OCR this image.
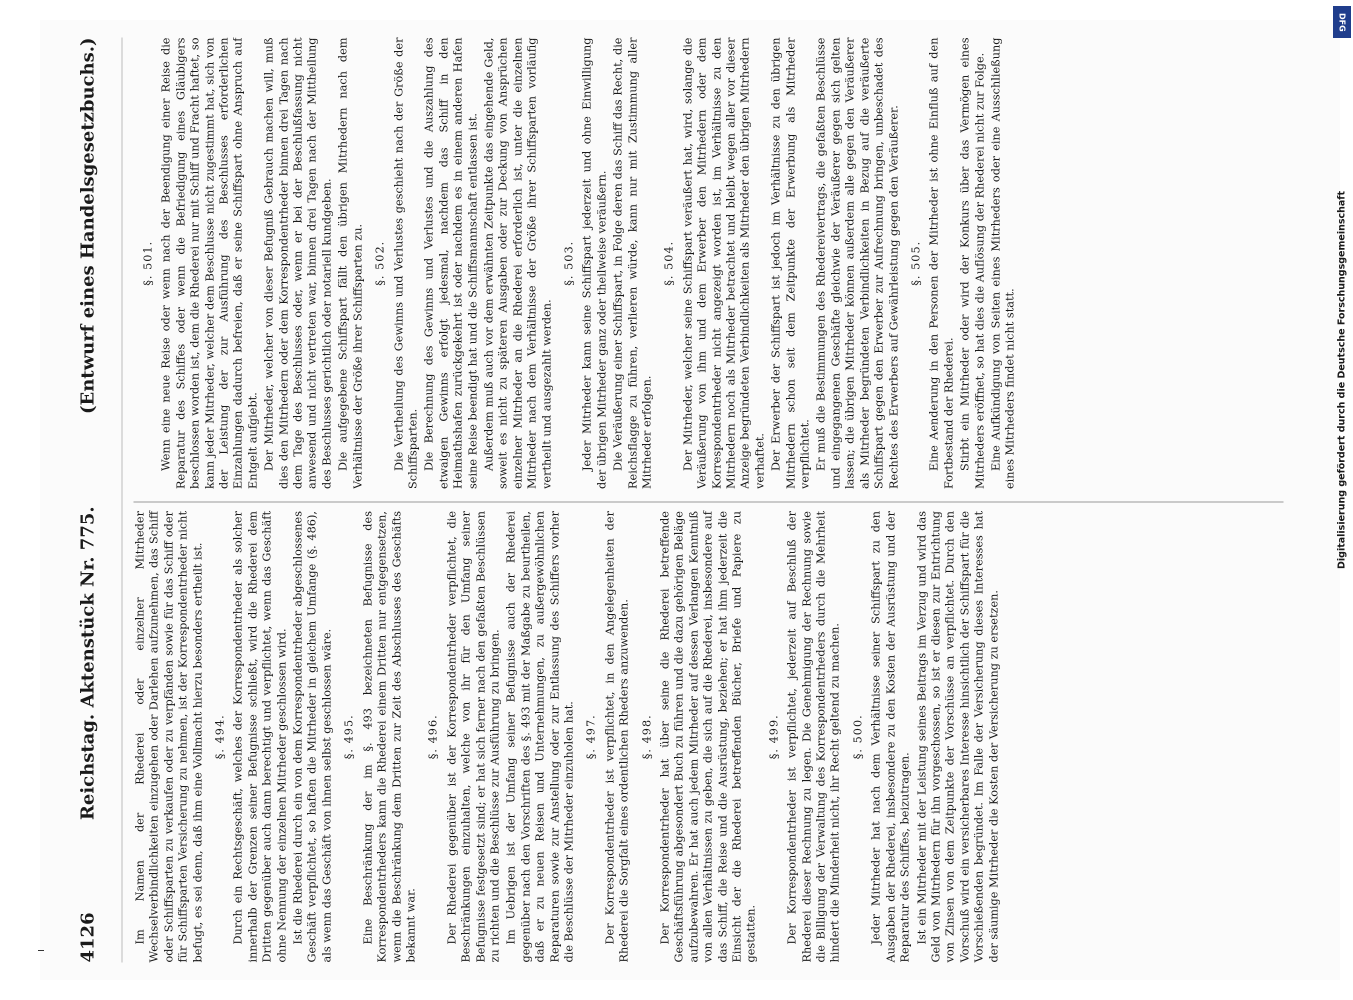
4126
Reichstag. Aktenstück Nr. 775.
(Entwurf eines Handelsgesetzbuchs.)
Im Namen der Rhederei oder einzelner Mitrheder Wechselverbindlichkeiten einzugehen oder Darlehen aufzunehmen, das Schiff oder Schiffsparten zu verkaufen oder zu verpfänden sowie für das Schiff oder für Schiffsparten Versicherung zu nehmen, ist der Korrespondentrheder nicht befugt, es sei denn, daß ihm eine Vollmacht hierzu besonders ertheilt ist. §. 494. Durch ein Rechtsgeschäft, welches der Korrespondentrheder als solcher innerhalb der Grenzen seiner Befugnisse schließt, wird die Rhederei dem Dritten gegenüber auch dann berechtigt und verpflichtet, wenn das Geschäft ohne Nennung der einzelnen Mitrheder geschlossen wird. Ist die Rhederei durch ein von dem Korrespondentrheder abgeschlossenes Geschäft verpflichtet, so haften die Mitrheder in gleichem Umfange (§. 486), als wenn das Geschäft von ihnen selbst geschlossen wäre. §. 495. Eine Beschränkung der im §. 493 bezeichneten Befugnisse des Korrespondentrheders kann die Rhederei einem Dritten nur entgegensetzen, wenn die Beschränkung dem Dritten zur Zeit des Abschlusses des Geschäfts bekannt war.
§. 496. Der Rhederei gegenüber ist der Korrespondentrheder verpflichtet, die Beschränkungen einzuhalten, welche von ihr für den Umfang seiner Befugnisse festgesetzt sind; er hat sich ferner nach den gefaßten Beschlüssen zu richten und die Beschlüsse zur Ausführung zu bringen. Im Uebrigen ist der Umfang seiner Befugnisse auch der Rhederei gegenüber nach den Vorschriften des §. 493 mit der Maßgabe zu beurtheilen, daß er zu neuen Reisen und Unternehmungen, zu außergewöhnlichen Reparaturen sowie zur Anstellung oder zur Entlassung des Schiffers vorher die Beschlüsse der Mitrheder einzuholen hat. §. 497. Der Korrespondentrheder ist verpflichtet, in den Angelegenheiten der Rhederei die Sorgfalt eines ordentlichen Rheders anzuwenden. §. 498. Der Korrespondentrheder hat über seine die Rhederei betreffende Geschäftsführung abgesondert Buch zu führen und die dazu gehörigen Beläge aufzubewahren. Er hat auch jedem Mitrheder auf dessen Verlangen Kenntniß von allen Verhältnissen zu geben, die sich auf die Rhederei, insbesondere auf das Schiff, die Reise und die Ausrüstung, beziehen; er hat ihm jederzeit die Einsicht der die Rhederei betreffenden Bücher, Briefe und Papiere zu gestatten.
§. 499. Der Korrespondentrheder ist verpflichtet, jederzeit auf Beschluß der Rhederei dieser Rechnung zu legen. Die Genehmigung der Rechnung sowie die Billigung der Verwaltung des Korrespondentrheders durch die Mehrheit hindert die Minderheit nicht, ihr Recht geltend zu machen. §. 500. Jeder Mitrheder hat nach dem Verhältnisse seiner Schiffspart zu den Ausgaben der Rhederei, insbesondere zu den Kosten der Ausrüstung und der Reparatur des Schiffes, beizutragen. Ist ein Mitrheder mit der Leistung seines Beitrags im Verzug und wird das Geld von Mitrhedern für ihn vorgeschossen, so ist er diesen zur Entrichtung von Zinsen von dem Zeitpunkte der Vorschüsse an verpflichtet. Durch den Vorschuß wird ein versicherbares Interesse hinsichtlich der Schiffspart für die Vorschießenden begründet. Im Falle der Versicherung dieses Interesses hat der säumige Mitrheder die Kosten der Versicherung zu ersetzen.
§. 501. Wenn eine neue Reise oder wenn nach der Beendigung einer Reise die Reparatur des Schiffes oder wenn die Befriedigung eines Gläubigers beschlossen worden ist, dem die Rhederei nur mit Schiff und Fracht haftet, so kann jeder Mitrheder, welcher dem Beschlusse nicht zugestimmt hat, sich von der Leistung der zur Ausführung des Beschlusses erforderlichen Einzahlungen dadurch befreien, daß er seine Schiffspart ohne Anspruch auf Entgelt aufgiebt. Der Mitrheder, welcher von dieser Befugniß Gebrauch machen will, muß dies den Mitrhedern oder dem Korrespondentrheder binnen drei Tagen nach dem Tage des Beschlusses oder, wenn er bei der Beschlußfassung nicht anwesend und nicht vertreten war, binnen drei Tagen nach der Mittheilung des Beschlusses gerichtlich oder notariell kundgeben. Die aufgegebene Schiffspart fällt den übrigen Mitrhedern nach dem Verhältnisse der Größe ihrer Schiffsparten zu. §. 502. Die Vertheilung des Gewinns und Verlustes geschieht nach der Größe der Schiffsparten. Die Berechnung des Gewinns und Verlustes und die Auszahlung des etwaigen Gewinns erfolgt jedesmal, nachdem das Schiff in den Heimathshafen zurückgekehrt ist oder nachdem es in einem anderen Hafen seine Reise beendigt hat und die Schiffsmannschaft entlassen ist. Außerdem muß auch vor dem erwähnten Zeitpunkte das eingehende Geld, soweit es nicht zu späteren Ausgaben oder zur Deckung von Ansprüchen einzelner Mitrheder an die Rhederei erforderlich ist, unter die einzelnen Mitrheder nach dem Verhältnisse der Größe ihrer Schiffsparten vorläufig vertheilt und ausgezahlt werden.
§. 503. Jeder Mitrheder kann seine Schiffspart jederzeit und ohne Einwilligung der übrigen Mitrheder ganz oder theilweise veräußern. Die Veräußerung einer Schiffspart, in Folge deren das Schiff das Recht, die Reichsflagge zu führen, verlieren würde, kann nur mit Zustimmung aller Mitrheder erfolgen.
§. 504. Der Mitrheder, welcher seine Schiffspart veräußert hat, wird, solange die Veräußerung von ihm und dem Erwerber den Mitrhedern oder dem Korrespondentrheder nicht angezeigt worden ist, im Verhältnisse zu den Mitrhedern noch als Mitrheder betrachtet und bleibt wegen aller vor dieser Anzeige begründeten Verbindlichkeiten als Mitrheder den übrigen Mitrhedern verhaftet. Der Erwerber der Schiffspart ist jedoch im Verhältnisse zu den übrigen Mitrhedern schon seit dem Zeitpunkte der Erwerbung als Mitrheder verpflichtet. Er muß die Bestimmungen des Rhedereivertrags, die gefaßten Beschlüsse und eingegangenen Geschäfte gleichwie der Veräußerer gegen sich gelten lassen; die übrigen Mitrheder können außerdem alle gegen den Veräußerer als Mitrheder begründeten Verbindlichkeiten in Bezug auf die veräußerte Schiffspart gegen den Erwerber zur Aufrechnung bringen, unbeschadet des Rechtes des Erwerbers auf Gewährleistung gegen den Veräußerer. §. 505. Eine Aenderung in den Personen der Mitrheder ist ohne Einfluß auf den Fortbestand der Rhederei. Stirbt ein Mitrheder oder wird der Konkurs über das Vermögen eines Mitrheders eröffnet, so hat dies die Auflösung der Rhederei nicht zur Folge. Eine Aufkündigung von Seiten eines Mitrheders oder eine Ausschließung eines Mitrheders findet nicht statt.	Digitalisierung gefördert durch die Deutsche Forschungsgemeinschaft
DFG
